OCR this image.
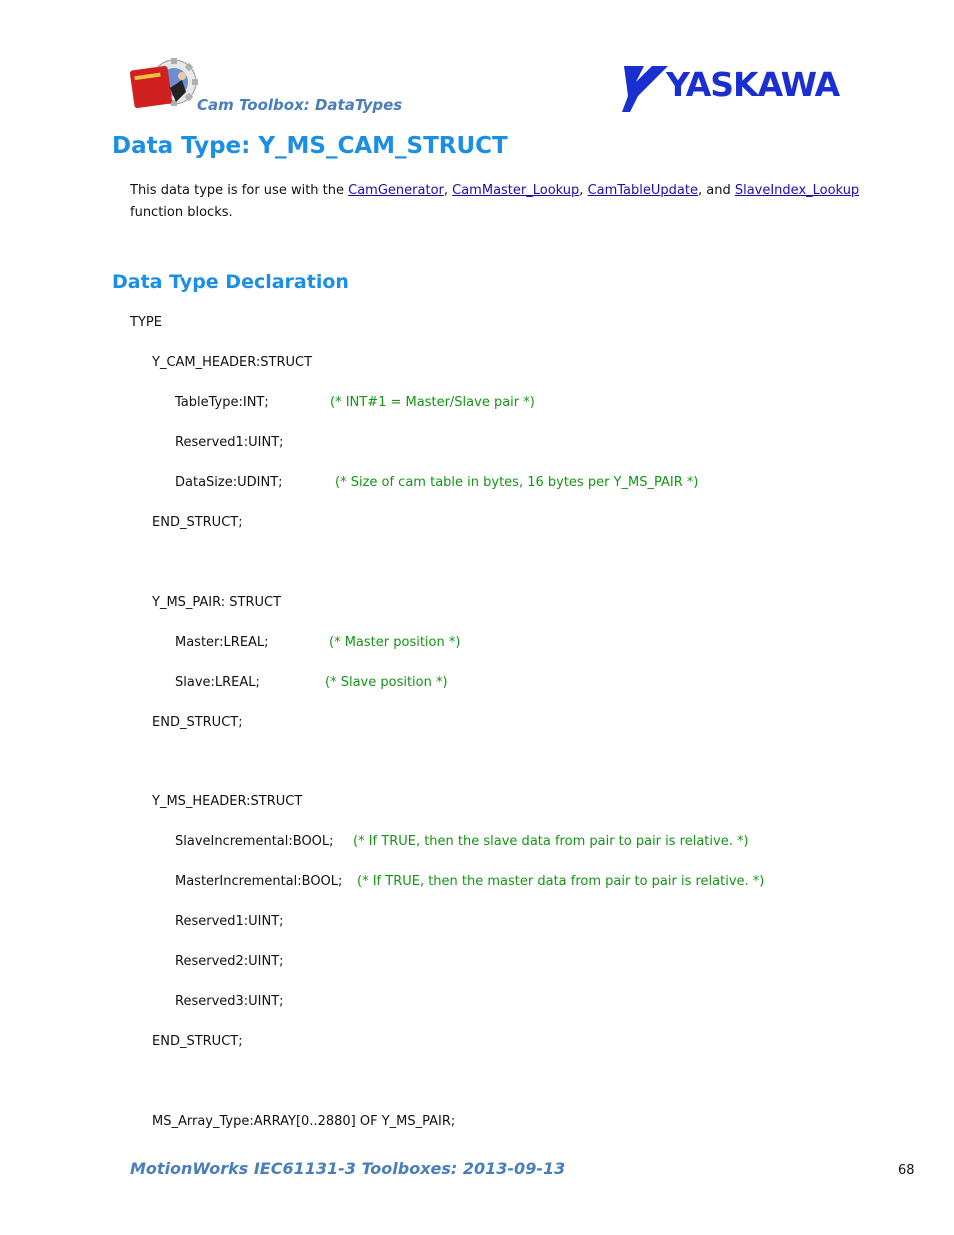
Cam Toolbox: DataTypes
YASKAWA
Data Type: Y_MS_CAM_STRUCT
This data type is for use with the CamGenerator, CamMaster_Lookup, CamTableUpdate, and SlaveIndex_Lookup function blocks.
Data Type Declaration
TYPE
Y_CAM_HEADER:STRUCT
TableType:INT;	(* INT#1 = Master/Slave pair *)
Reserved1:UINT;
DataSize:UDINT;	(* Size of cam table in bytes, 16 bytes per Y_MS_PAIR *)
END_STRUCT;
Y_MS_PAIR: STRUCT
Master:LREAL;	(* Master position *)
Slave:LREAL;	(* Slave position *)
END_STRUCT;
Y_MS_HEADER:STRUCT
SlaveIncremental:BOOL; (* If TRUE, then the slave data from pair to pair is relative. *)
MasterIncremental:BOOL; (* If TRUE, then the master data from pair to pair is relative. *)
Reserved1:UINT;
Reserved2:UINT;
Reserved3:UINT;
END_STRUCT;
MS_Array_Type:ARRAY[0..2880] OF Y_MS_PAIR;
MotionWorks IEC61131-3 Toolboxes: 2013-09-13	68
